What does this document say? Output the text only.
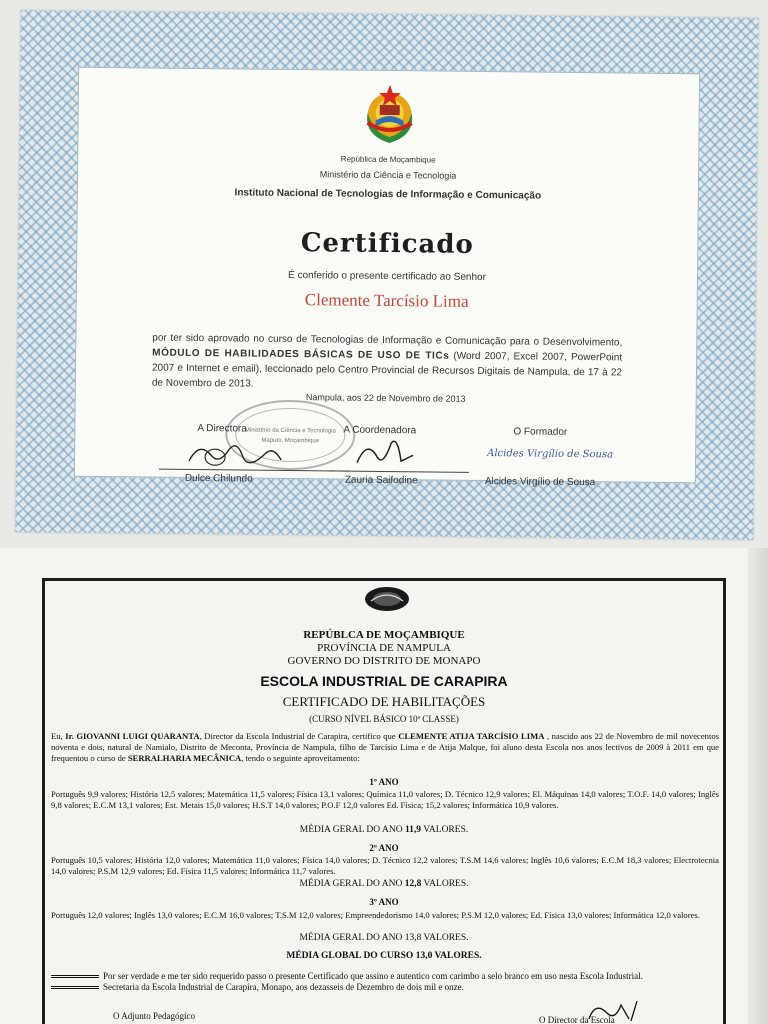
República de Moçambique
Ministério da Ciência e Tecnologia
Instituto Nacional de Tecnologias de Informação e Comunicação
Certificado
É conferido o presente certificado ao Senhor
Clemente Tarcísio Lima
por ter sido aprovado no curso de Tecnologias de Informação e Comunicação para o Desenvolvimento, MÓDULO DE HABILIDADES BÁSICAS DE USO DE TICs (Word 2007, Excel 2007, PowerPoint 2007 e Internet e email), leccionado pelo Centro Provincial de Recursos Digitais de Nampula, de 17 à 22 de Novembro de 2013.
Nampula, aos 22 de Novembro de 2013
Ministério da Ciência e Tecnologia
Maputo, Moçambique
A Directora	A Coordenadora	O Formador
Alcides Virgílio de Sousa
Dulce Chilundo	Zauria Saifodine	Alcides Virgílio de Sousa
REPÚBLCA DE MOÇAMBIQUE
PROVÍNCIA DE NAMPULA
GOVERNO DO DISTRITO DE MONAPO
ESCOLA INDUSTRIAL DE CARAPIRA
CERTIFICADO DE HABILITAÇÕES
(CURSO NÍVEL BÁSICO 10ª CLASSE)
Eu, Ir. GIOVANNI LUIGI QUARANTA, Director da Escola Industrial de Carapira, certifico que CLEMENTE ATIJA TARCÍSIO LIMA , nascido aos 22 de Novembro de mil novecentos noventa e dois, natural de Namialo, Distrito de Meconta, Província de Nampula, filho de Tarcísio Lima e de Atija Malque, foi aluno desta Escola nos anos lectivos de 2009 à 2011 em que frequentou o curso de SERRALHARIA MECÂNICA, tendo o seguinte aproveitamento:
1º ANO
Português 9,9 valores; História 12,5 valores; Matemática 11,5 valores; Física 13,1 valores; Química 11,0 valores; D. Técnico 12,9 valores; El. Máquinas 14,0 valores; T.O.F. 14,0 valores; Inglês 9,8 valores; E.C.M 13,1 valores; Est. Metais 15,0 valores; H.S.T 14,0 valores; P.O.F 12,0 valores Ed. Física; 15,2 valores; Informática 10,9 valores.
MÉDIA GERAL DO ANO 11,9 VALORES.
2º ANO
Português 10,5 valores; História 12,0 valores; Matemática 11,0 valores; Física 14,0 valores; D. Técnico 12,2 valores; T.S.M 14,6 valores; Inglês 10,6 valores; E.C.M 18,3 valores; Electrotecnia 14,0 valores; P.S.M 12,9 valores; Ed. Física 11,5 valores; Informática 11,7 valores.
MÉDIA GERAL DO ANO 12,8 VALORES.
3º ANO
Português 12,0 valores; Inglês 13,0 valores; E.C.M 16,0 valores; T.S.M 12,0 valores; Empreendedorismo 14,0 valores; P.S.M 12,0 valores; Ed. Física 13,0 valores; Informática 12,0 valores.
MÉDIA GERAL DO ANO 13,8 VALORES.
MÉDIA GLOBAL DO CURSO 13,0 VALORES.
Por ser verdade e me ter sido requerido passo o presente Certificado que assino e autentico com carimbo a selo branco em uso nesta Escola Industrial.
Secretaria da Escola Industrial de Carapira, Monapo, aos dezasseis de Dezembro de dois mil e onze.
O Adjunto Pedagógico	O Director da Escola
